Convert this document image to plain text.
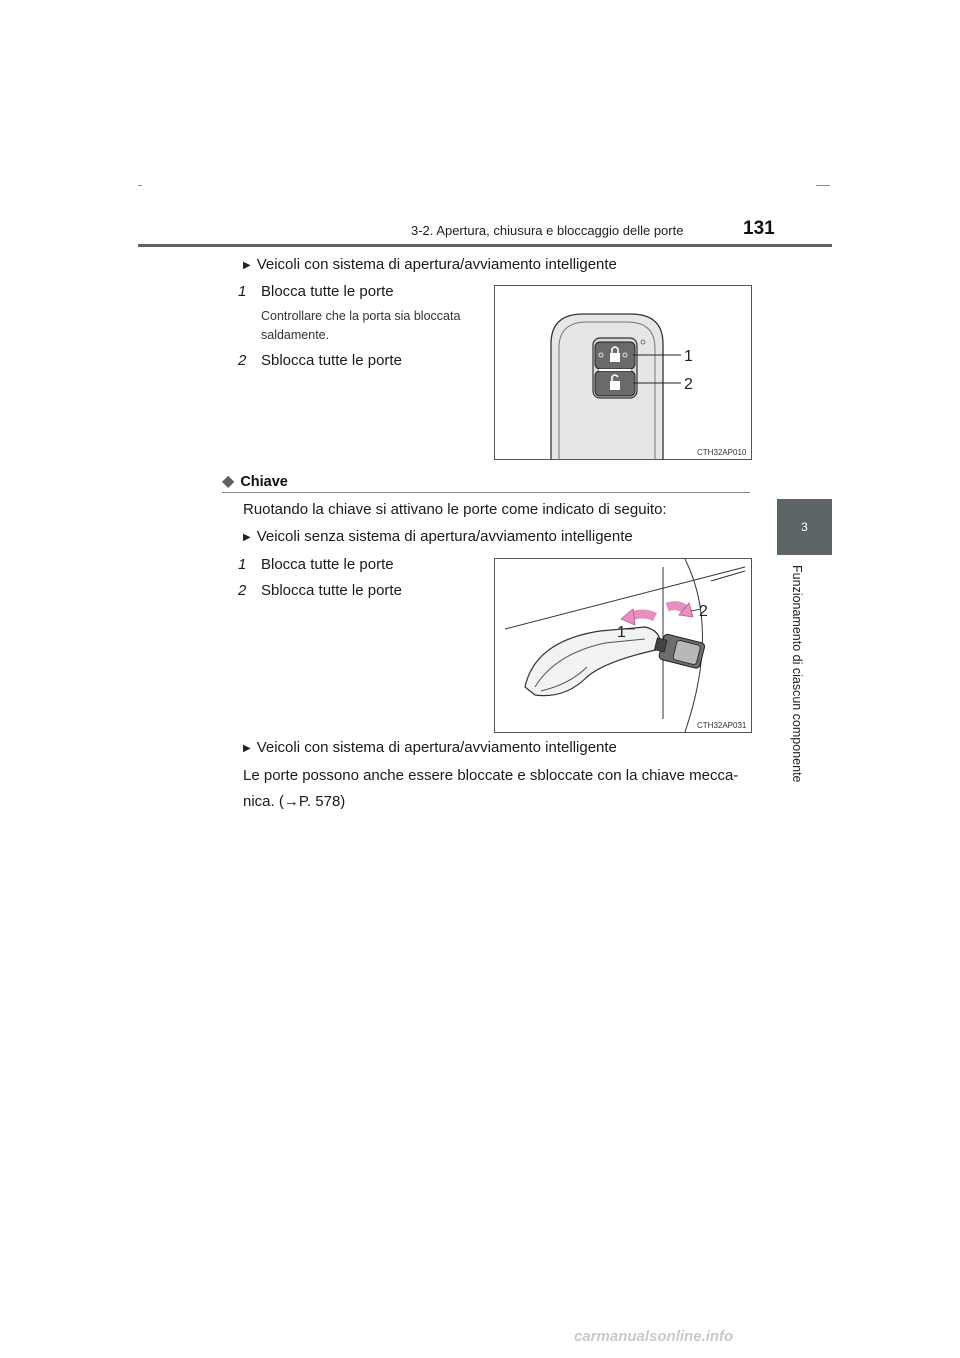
3-2. Apertura, chiusura e bloccaggio delle porte	131
3
Funzionamento di ciascun componente
▶ Veicoli con sistema di apertura/avviamento intelligente
1 Blocca tutte le porte
Controllare che la porta sia bloccata
saldamente.
2 Sblocca tutte le porte	1
2
CTH32AP010
◆ Chiave
Ruotando la chiave si attivano le porte come indicato di seguito:
▶ Veicoli senza sistema di apertura/avviamento intelligente
1 Blocca tutte le porte
2 Sblocca tutte le porte
1
2
CTH32AP031
▶ Veicoli con sistema di apertura/avviamento intelligente
Le porte possono anche essere bloccate e sbloccate con la chiave mecca-
nica. (→P. 578)
carmanualsonline.info
